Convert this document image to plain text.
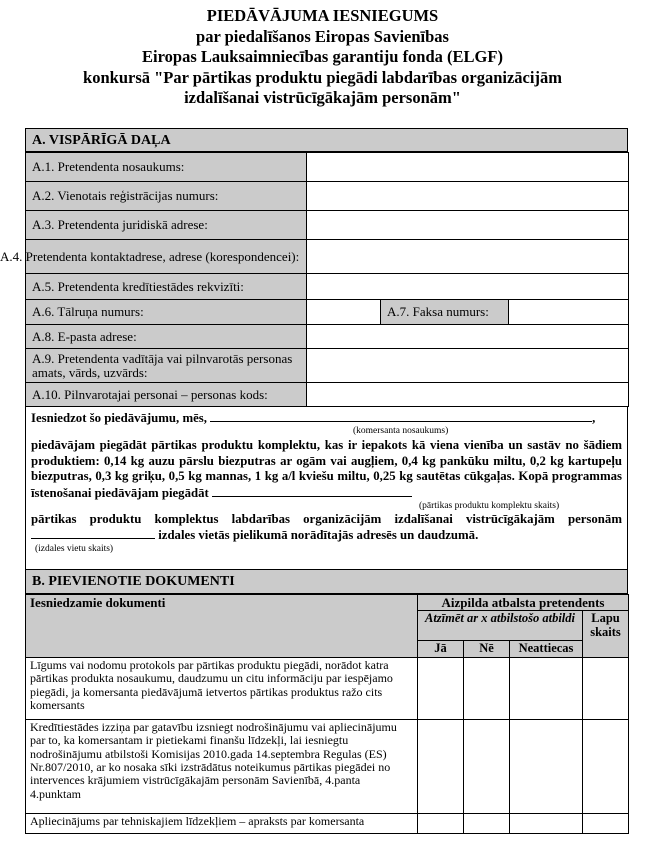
PIEDĀVĀJUMA IESNIEGUMS
par piedalīšanos Eiropas Savienības
Eiropas Lauksaimniecības garantiju fonda (ELGF)
konkursā "Par pārtikas produktu piegādi labdarības organizācijām
izdalīšanai vistrūcīgākajām personām"
A. VISPĀRĪGĀ DAĻA
A.1. Pretendenta nosaukums:			
A.2. Vienotais reģistrācijas numurs:			
A.3. Pretendenta juridiskā adrese:			

A.4. Pretendenta kontaktadrese, adrese (korespondencei):			

A.5. Pretendenta kredītiestādes rekvizīti:			
A.6. Tālruņa numurs:		A.7. Faksa numurs:	
A.8. E-pasta adrese:			
A.9. Pretendenta vadītāja vai pilnvarotās personas amats, vārds, uzvārds:			
A.10. Pilnvarotajai personai – personas kods:			
Iesniedzot šo piedāvājumu, mēs,	,
(komersanta nosaukums)
piedāvājam piegādāt pārtikas produktu komplektu, kas ir iepakots kā viena vienība un sastāv no šādiem produktiem: 0,14 kg auzu pārslu biezputras ar ogām vai augļiem, 0,4 kg pankūku miltu, 0,2 kg kartupeļu biezputras, 0,3 kg griķu, 0,5 kg mannas, 1 kg a/l kviešu miltu, 0,25 kg sautētas cūkgaļas. Kopā programmas īstenošanai piedāvājam piegādāt
(pārtikas produktu komplektu skaits)
pārtikas produktu komplektus labdarības organizācijām izdalīšanai vistrūcīgākajām personām
izdales vietās pielikumā norādītajās adresēs un daudzumā.
(izdales vietu skaits)
B. PIEVIENOTIE DOKUMENTI
Iesniedzamie dokumenti	Aizpilda atbalsta pretendents			
	Atzīmēt ar x atbilstošo atbildi			Lapu skaits
	Jā	Nē	Neattiecas	
Līgums vai nodomu protokols par pārtikas produktu piegādi, norādot katra pārtikas produkta nosaukumu, daudzumu un citu informāciju par iespējamo piegādi, ja komersanta piedāvājumā ietvertos pārtikas produktus ražo cits komersants				
Kredītiestādes izziņa par gatavību izsniegt nodrošinājumu vai apliecinājumu par to, ka komersantam ir pietiekami finanšu līdzekļi, lai iesniegtu nodrošinājumu atbilstoši Komisijas 2010.gada 14.septembra Regulas (ES) Nr.807/2010, ar ko nosaka sīki izstrādātus noteikumus pārtikas piegādei no intervences krājumiem vistrūcīgākajām personām Savienībā, 4.panta 4.punktam				
Apliecinājums par tehniskajiem līdzekļiem – apraksts par komersanta				
